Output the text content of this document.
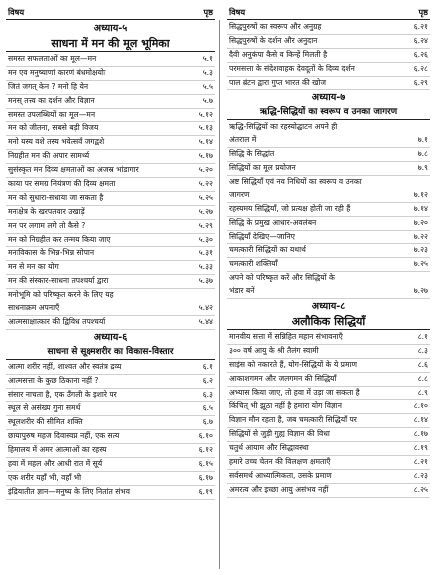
विषय	पृष्ठ
अध्याय-५
साधना में मन की मूल भूमिका
समस्त सफलताओं का मूल—मन	५.१
मन एव मनुष्याणां कारणं बंधमोक्षयोः	५.३
जितं जगत् केन ? मनो हि येन	५.५
मनस् तत्त्व का दर्शन और विज्ञान	५.७
समस्त उपलब्धियों का मूल—मन	५.१२
मन को जीतना, सबसे बड़ी विजय	५.१३
मनो यस्य वशे तस्य भवेत्सर्वं जगद्वशे	५.१४
निग्रहीत मन की अपार सामर्थ्य	५.१७
सुसंस्कृत मन दिव्य क्षमताओं का अजस्र भांडागार	५.२०
काया पर समग्र नियंत्रण की दिव्य क्षमता	५.२२
मन को सुधारा-सधाया जा सकता है	५.२५
मनःक्षेत्र के खरपतवार उखाड़ें	५.२७
मन पर लगाम लगे तो कैसे ?	५.२९
मन को निग्रहीत कर तन्मय किया जाए	५.३०
मनःविकास के भिन्न-भिन्न सोपान	५.३१
मन से मन का योग	५.३३
मन की संस्कार-साधना तपश्चर्या द्वारा	५.३७
मनोभूमि को परिष्कृत करने के लिए यह
साधनाक्रम अपनाएँ	५.४२
आत्मसाक्षात्कार की द्विविध तपश्चर्या	५.४४
अध्याय-६
साधना से सूक्ष्मशरीर का विकास-विस्तार
आत्मा शरीर नहीं, शाश्वत और स्वतंत्र द्रव्य	६.१
आत्मसत्ता के कुछ ठिकाना नहीं ?	६.२
संसार नाचता है, एक उँगली के इशारे पर	६.३
स्थूल से असंख्य गुना समर्थ	६.५
स्थूलशरीर की सीमित शक्ति	६.७
छायापुरुष महज दिवास्वप्न नहीं, एक सत्य	६.१०
हिमालय में अमर आत्माओं का रहस्य	६.१२
हवा में महल और आधी रात में सूर्य	६.१५
एक शरीर यहाँ भी, वहाँ भी	६.१७
इंद्रियातीत ज्ञान—मनुष्य के लिए नितांत संभव	६.१९
विषय	पृष्ठ
सिद्धपुरुषों का स्वरूप और अनुग्रह	६.२१
सिद्धपुरुषों के दर्शन और अनुदान	६.२४
दैवी अनुकंपा कैसे व किन्हें मिलती है	६.२६
परमसत्ता के संदेशवाहक देवदूतों के दिव्य दर्शन	६.२८
पाल ब्रंटन द्वारा गुप्त भारत की खोज	६.२९
अध्याय-७
ऋद्धि-सिद्धियों का स्वरूप व उनका जागरण
ऋद्धि-सिद्धियों का रहस्योद्घाटन अपने ही
अंतराल में	७.१
सिद्धि के सिद्धांत	७.८
सिद्धियों का मूल प्रयोजन	७.९
अष्ट सिद्धियाँ एवं नव निधियों का स्वरूप व उनका
जागरण	७.१२
रहस्यमय सिद्धियाँ, जो प्रत्यक्ष होती जा रही हैं	७.१४
सिद्धि के प्रमुख आधार-अवलंबन	७.२०
सिद्धियाँ देखिए—जानिए	७.२२
चमत्कारी सिद्धियों का यथार्थ	७.२३
चमत्कारी शक्तियाँ	७.२५
अपने को परिष्कृत करें और सिद्धियों के
भंडार बनें	७.२७
अध्याय-८
अलौकिक सिद्धियाँ
मानवीय सत्ता में सन्निहित महान संभावनाएँ	८.१
३०० वर्ष आयु के श्री तैलंग स्वामी	८.३
साइंस को नकारते हैं, योग-सिद्धियों के ये प्रमाण	८.६
आकाशगमन और जलगमन की सिद्धियाँ	८.८
अभ्यास किया जाए, तो हवा में उड़ा जा सकता है	८.९
किंचित् भी झूठा नहीं है हमारा योग विज्ञान	८.१०
विज्ञान मौन रहता है, जब चमत्कारी सिद्धियाँ पर	८.१४
सिद्धियों से जुड़ी गुह्य विज्ञान की विधा	८.१७
चतुर्थ आयाम और सिद्धावस्था	८.१९
हमारे उच्च चेतन की विलक्षण क्षमताएँ	८.२१
सर्वसमर्थ आध्यात्मिकता, उसके प्रमाण	८.२३
अमरत्व और इच्छा आयु असंभव नहीं	८.२५
